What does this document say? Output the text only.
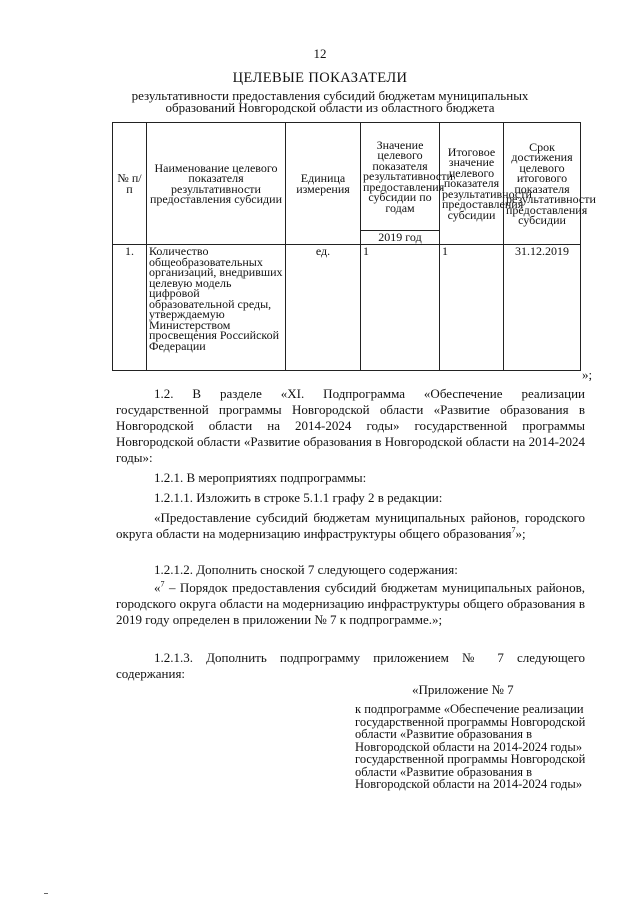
12
ЦЕЛЕВЫЕ ПОКАЗАТЕЛИ
результативности предоставления субсидий бюджетам муниципальных образований Новгородской области из областного бюджета
№ п/п	Наименование целевого показателя результативности предоставления субсидии	Единица измерения	Значение целевого показателя результативности предоставления субсидии по годам	Итоговое значение целевого показателя результативности предоставления субсидии	Срок достижения целевого итогового показателя результативности предоставления субсидии
			2019 год		
1.	Количество общеобразовательных организаций, внедривших целевую модель цифровой образовательной среды, утверждаемую Министерством просвещения Российской Федерации	ед.	1	1	31.12.2019
»;

1.2. В разделе «XI. Подпрограмма «Обеспечение реализации государственной программы Новгородской области «Развитие образования в Новгородской области на 2014-2024 годы» государственной программы Новгородской области «Развитие образования в Новгородской области на 2014-2024 годы»:

1.2.1. В мероприятиях подпрограммы:

1.2.1.1. Изложить в строке 5.1.1 графу 2 в редакции:

«Предоставление субсидий бюджетам муниципальных районов, городского округа области на модернизацию инфраструктуры общего образования$^7$»;

1.2.1.2. Дополнить сноской 7 следующего содержания:

«$^7$ – Порядок предоставления субсидий бюджетам муниципальных районов, городского округа области на модернизацию инфраструктуры общего образования в 2019 году определен в приложении № 7 к подпрограмме.»;

1.2.1.3. Дополнить подпрограмму приложением № 7 следующего содержания:

«Приложение № 7
к подпрограмме «Обеспечение реализации государственной программы Новгородской области «Развитие образования в Новгородской области на 2014-2024 годы» государственной программы Новгородской области «Развитие образования в Новгородской области на 2014-2024 годы»
